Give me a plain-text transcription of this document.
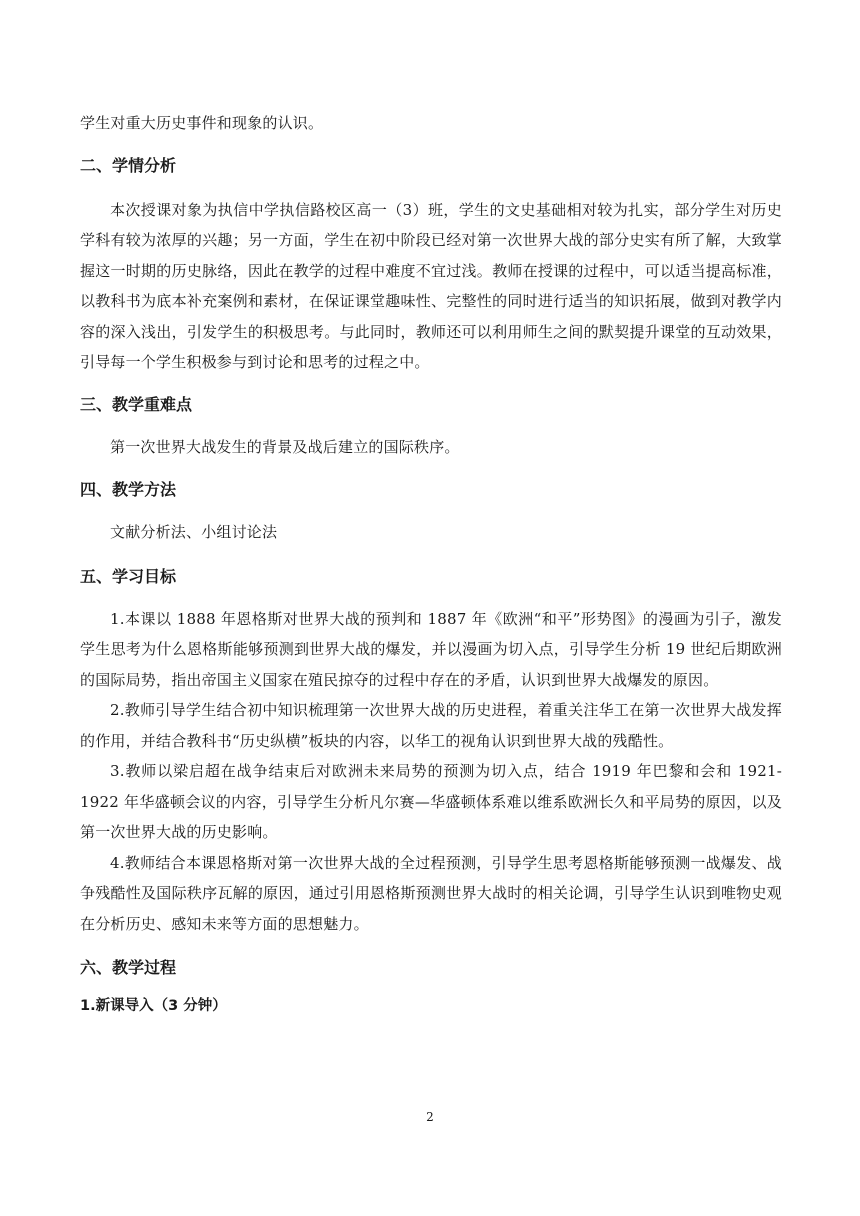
学生对重大历史事件和现象的认识。

二、学情分析

本次授课对象为执信中学执信路校区高一（3）班，学生的文史基础相对较为扎实，部分学生对历史学科有较为浓厚的兴趣；另一方面，学生在初中阶段已经对第一次世界大战的部分史实有所了解，大致掌握这一时期的历史脉络，因此在教学的过程中难度不宜过浅。教师在授课的过程中，可以适当提高标准，以教科书为底本补充案例和素材，在保证课堂趣味性、完整性的同时进行适当的知识拓展，做到对教学内容的深入浅出，引发学生的积极思考。与此同时，教师还可以利用师生之间的默契提升课堂的互动效果，引导每一个学生积极参与到讨论和思考的过程之中。

三、教学重难点

第一次世界大战发生的背景及战后建立的国际秩序。

四、教学方法

文献分析法、小组讨论法

五、学习目标

1.本课以 1888 年恩格斯对世界大战的预判和 1887 年《欧洲“和平”形势图》的漫画为引子，激发学生思考为什么恩格斯能够预测到世界大战的爆发，并以漫画为切入点，引导学生分析 19 世纪后期欧洲的国际局势，指出帝国主义国家在殖民掠夺的过程中存在的矛盾，认识到世界大战爆发的原因。

2.教师引导学生结合初中知识梳理第一次世界大战的历史进程，着重关注华工在第一次世界大战发挥的作用，并结合教科书“历史纵横”板块的内容，以华工的视角认识到世界大战的残酷性。

3.教师以梁启超在战争结束后对欧洲未来局势的预测为切入点，结合 1919 年巴黎和会和 1921-1922 年华盛顿会议的内容，引导学生分析凡尔赛—华盛顿体系难以维系欧洲长久和平局势的原因，以及第一次世界大战的历史影响。

4.教师结合本课恩格斯对第一次世界大战的全过程预测，引导学生思考恩格斯能够预测一战爆发、战争残酷性及国际秩序瓦解的原因，通过引用恩格斯预测世界大战时的相关论调，引导学生认识到唯物史观在分析历史、感知未来等方面的思想魅力。

六、教学过程
1.新课导入（3 分钟）
2
